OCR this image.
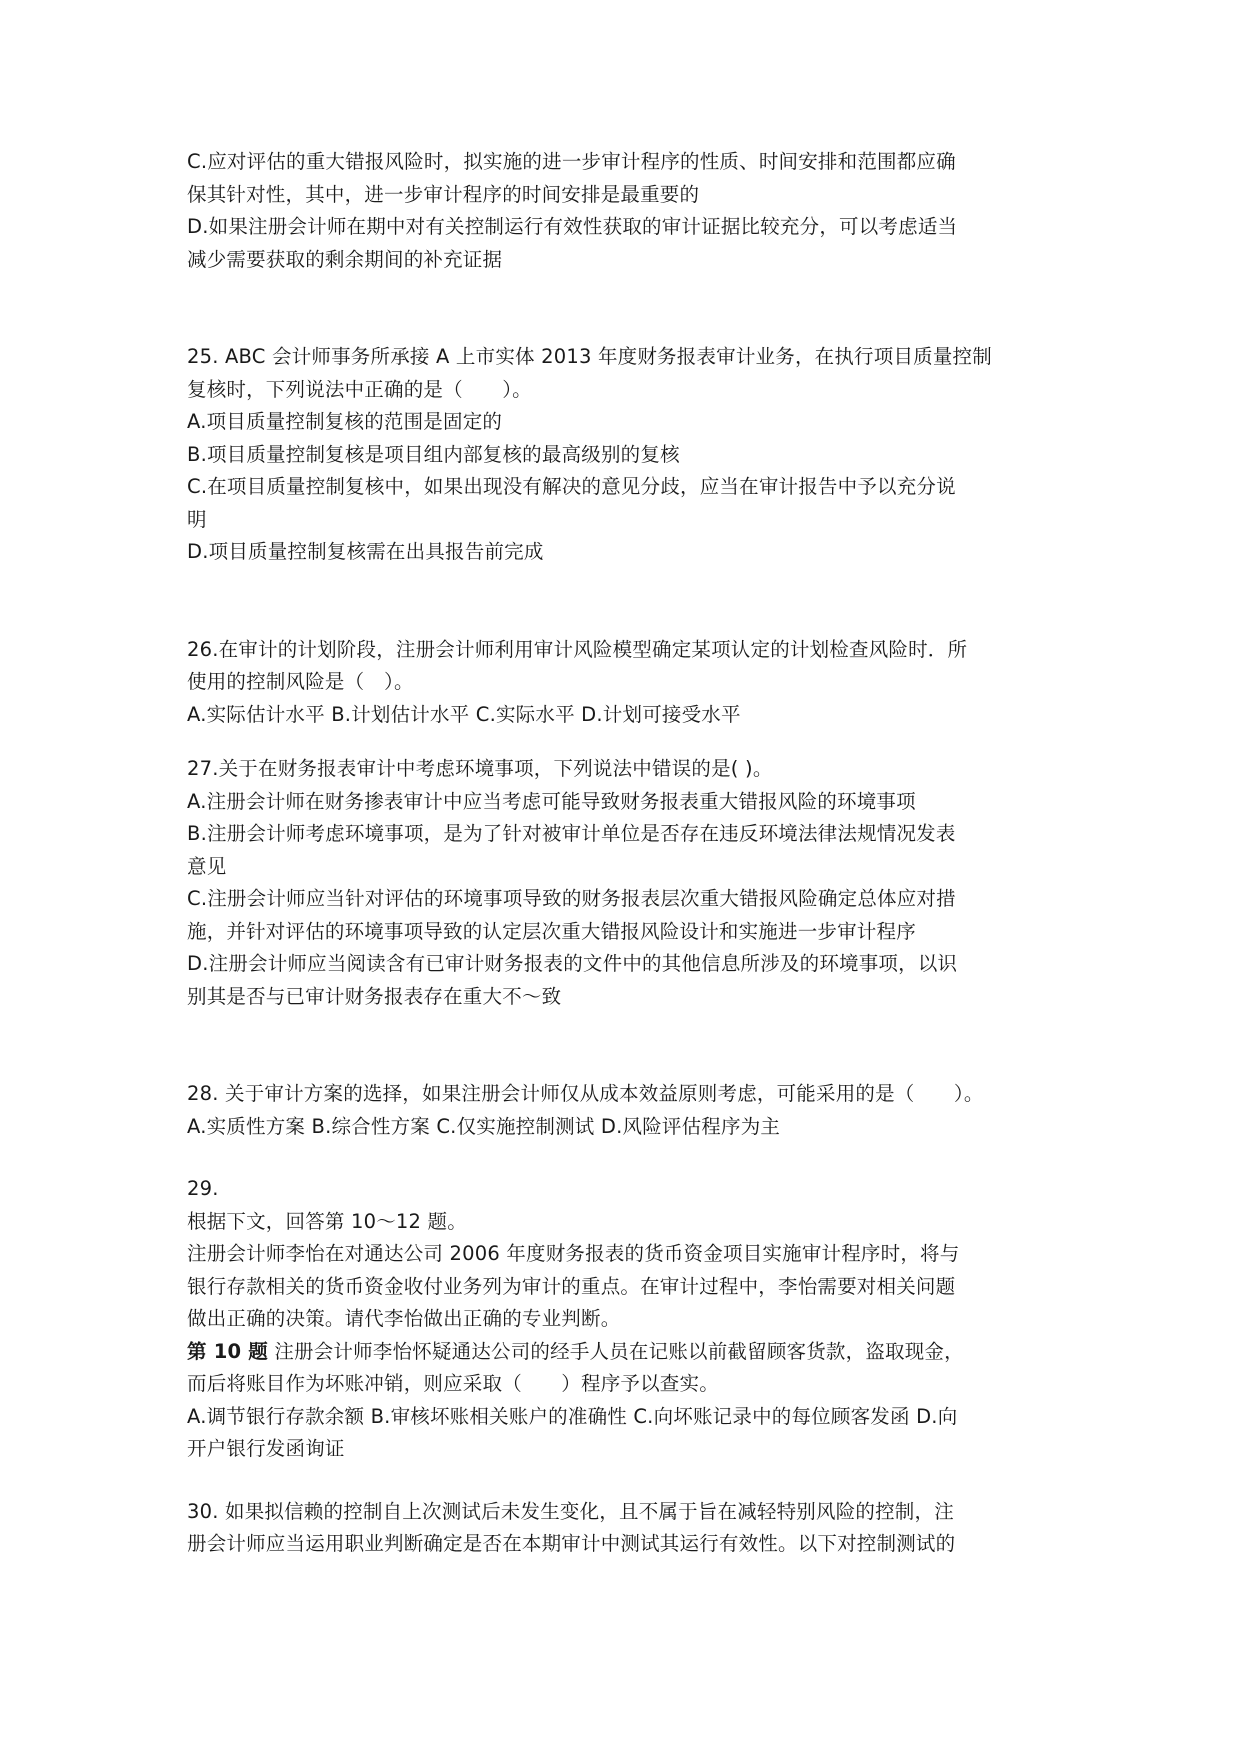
C.应对评估的重大错报风险时，拟实施的进一步审计程序的性质、时间安排和范围都应确
保其针对性，其中，进一步审计程序的时间安排是最重要的
D.如果注册会计师在期中对有关控制运行有效性获取的审计证据比较充分，可以考虑适当
减少需要获取的剩余期间的补充证据
25. ABC 会计师事务所承接 A 上市实体 2013 年度财务报表审计业务，在执行项目质量控制
复核时，下列说法中正确的是（　　）。
A.项目质量控制复核的范围是固定的
B.项目质量控制复核是项目组内部复核的最高级别的复核
C.在项目质量控制复核中，如果出现没有解决的意见分歧，应当在审计报告中予以充分说
明
D.项目质量控制复核需在出具报告前完成
26.在审计的计划阶段，注册会计师利用审计风险模型确定某项认定的计划检查风险时．所
使用的控制风险是（　）。
A.实际估计水平 B.计划估计水平 C.实际水平 D.计划可接受水平
27.关于在财务报表审计中考虑环境事项，下列说法中错误的是( )。
A.注册会计师在财务掺表审计中应当考虑可能导致财务报表重大错报风险的环境事项
B.注册会计师考虑环境事项，是为了针对被审计单位是否存在违反环境法律法规情况发表
意见
C.注册会计师应当针对评估的环境事项导致的财务报表层次重大错报风险确定总体应对措
施，并针对评估的环境事项导致的认定层次重大错报风险设计和实施进一步审计程序
D.注册会计师应当阅读含有已审计财务报表的文件中的其他信息所涉及的环境事项，以识
别其是否与已审计财务报表存在重大不～致
28. 关于审计方案的选择，如果注册会计师仅从成本效益原则考虑，可能采用的是（　　）。
A.实质性方案 B.综合性方案 C.仅实施控制测试 D.风险评估程序为主
29.
根据下文，回答第 10～12 题。
注册会计师李怡在对通达公司 2006 年度财务报表的货币资金项目实施审计程序时，将与
银行存款相关的货币资金收付业务列为审计的重点。在审计过程中，李怡需要对相关问题
做出正确的决策。请代李怡做出正确的专业判断。
第 10 题 注册会计师李怡怀疑通达公司的经手人员在记账以前截留顾客货款，盗取现金，
而后将账目作为坏账冲销，则应采取（　　）程序予以查实。
A.调节银行存款余额 B.审核坏账相关账户的准确性 C.向坏账记录中的每位顾客发函 D.向
开户银行发函询证
30. 如果拟信赖的控制自上次测试后未发生变化，且不属于旨在减轻特别风险的控制，注
册会计师应当运用职业判断确定是否在本期审计中测试其运行有效性。以下对控制测试的
